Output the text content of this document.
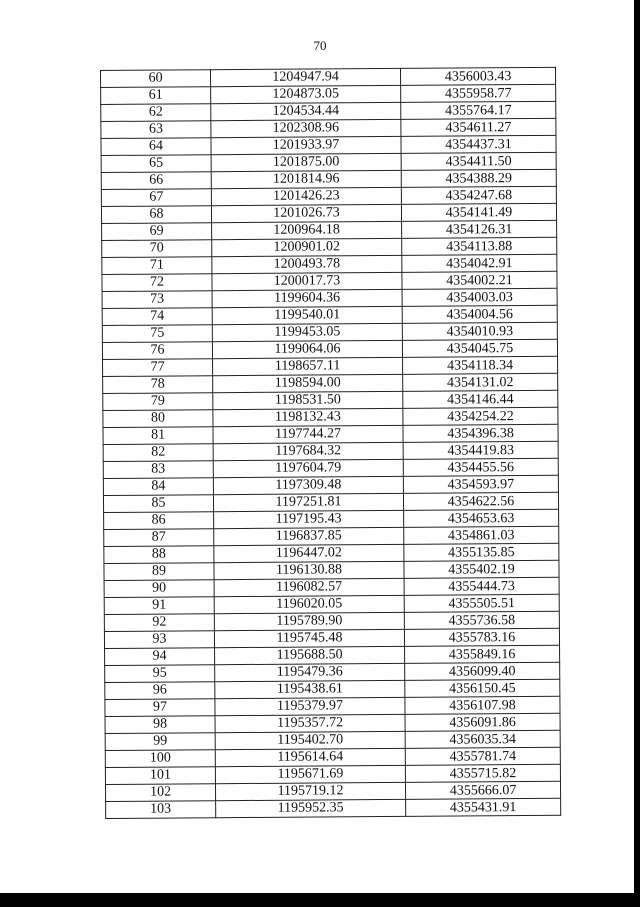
70
60	1204947.94	4356003.43
61	1204873.05	4355958.77
62	1204534.44	4355764.17
63	1202308.96	4354611.27
64	1201933.97	4354437.31
65	1201875.00	4354411.50
66	1201814.96	4354388.29
67	1201426.23	4354247.68
68	1201026.73	4354141.49
69	1200964.18	4354126.31
70	1200901.02	4354113.88
71	1200493.78	4354042.91
72	1200017.73	4354002.21
73	1199604.36	4354003.03
74	1199540.01	4354004.56
75	1199453.05	4354010.93
76	1199064.06	4354045.75
77	1198657.11	4354118.34
78	1198594.00	4354131.02
79	1198531.50	4354146.44
80	1198132.43	4354254.22
81	1197744.27	4354396.38
82	1197684.32	4354419.83
83	1197604.79	4354455.56
84	1197309.48	4354593.97
85	1197251.81	4354622.56
86	1197195.43	4354653.63
87	1196837.85	4354861.03
88	1196447.02	4355135.85
89	1196130.88	4355402.19
90	1196082.57	4355444.73
91	1196020.05	4355505.51
92	1195789.90	4355736.58
93	1195745.48	4355783.16
94	1195688.50	4355849.16
95	1195479.36	4356099.40
96	1195438.61	4356150.45
97	1195379.97	4356107.98
98	1195357.72	4356091.86
99	1195402.70	4356035.34
100	1195614.64	4355781.74
101	1195671.69	4355715.82
102	1195719.12	4355666.07
103	1195952.35	4355431.91
